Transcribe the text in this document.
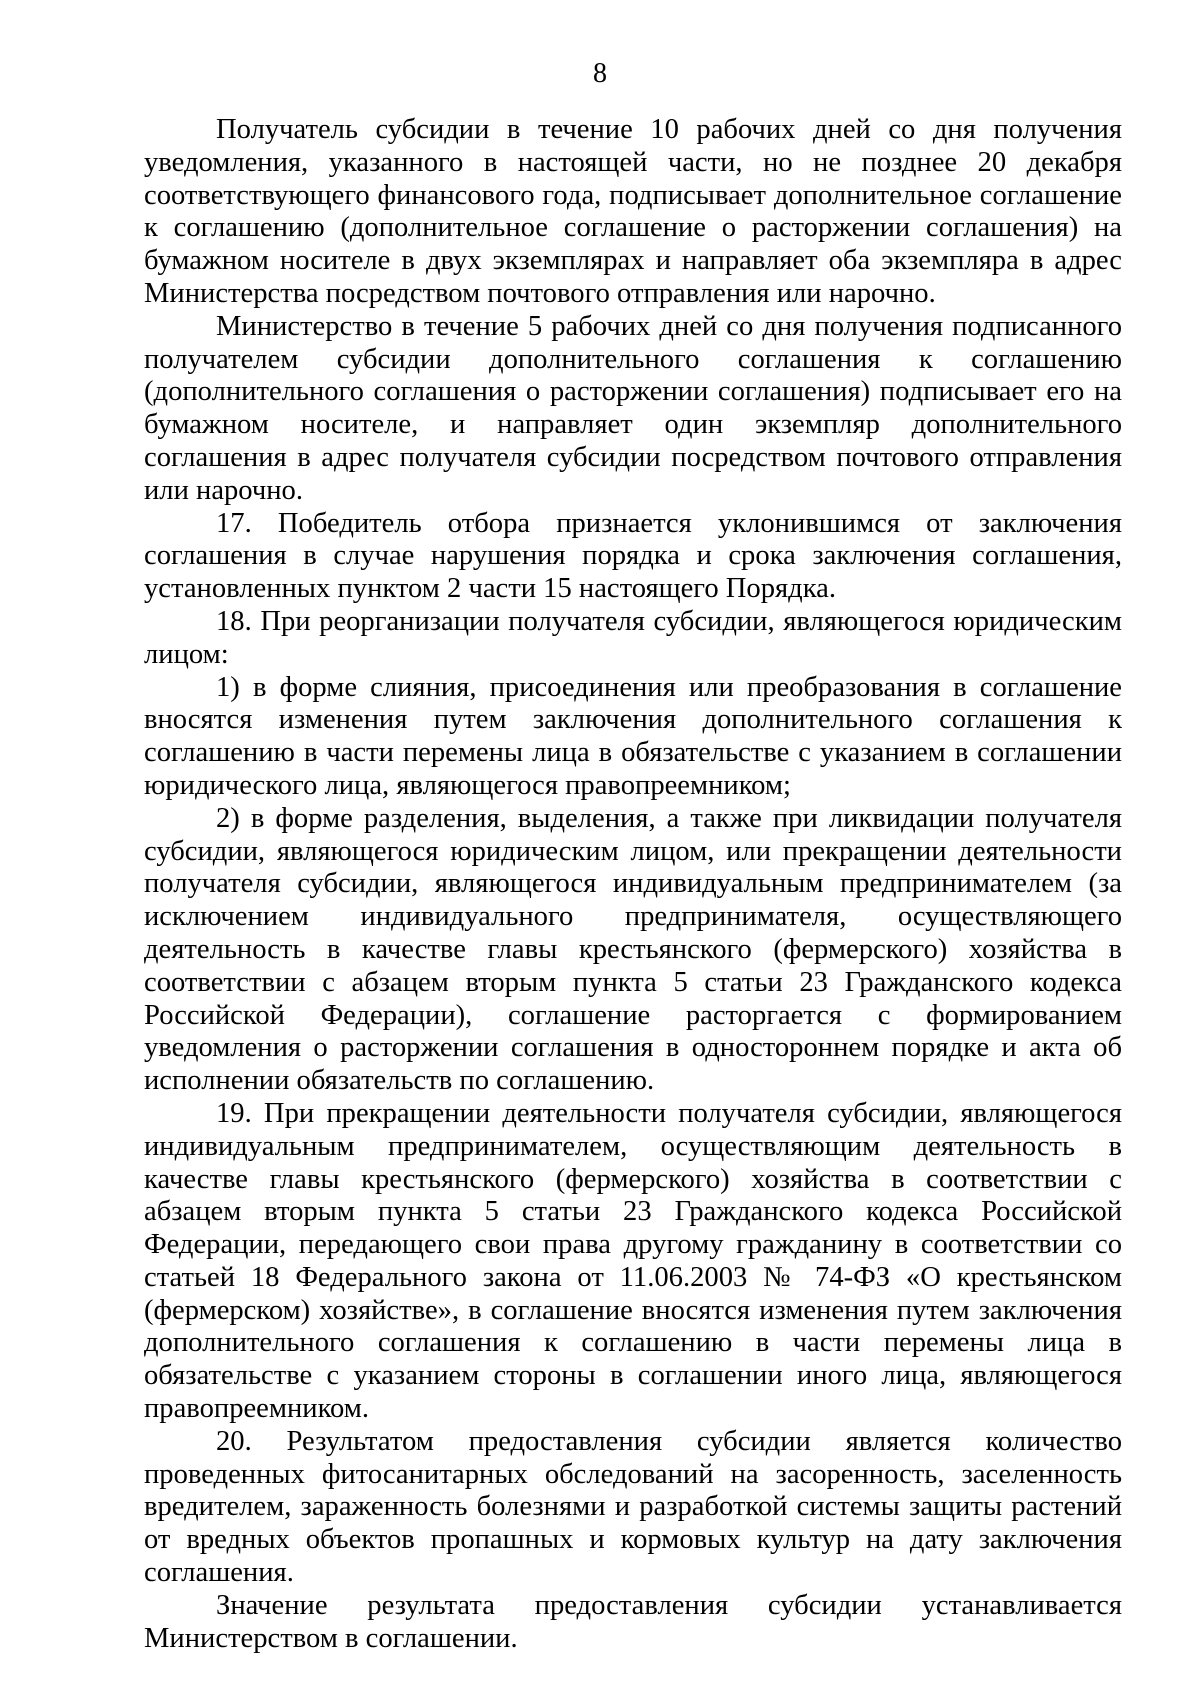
8

Получатель субсидии в течение 10 рабочих дней со дня получения уведомления, указанного в настоящей части, но не позднее 20 декабря соответствующего финансового года, подписывает дополнительное соглашение к соглашению (дополнительное соглашение о расторжении соглашения) на бумажном носителе в двух экземплярах и направляет оба экземпляра в адрес Министерства посредством почтового отправления или нарочно.

Министерство в течение 5 рабочих дней со дня получения подписанного получателем субсидии дополнительного соглашения к соглашению (дополнительного соглашения о расторжении соглашения) подписывает его на бумажном носителе, и направляет один экземпляр дополнительного соглашения в адрес получателя субсидии посредством почтового отправления или нарочно.

17. Победитель отбора признается уклонившимся от заключения соглашения в случае нарушения порядка и срока заключения соглашения, установленных пунктом 2 части 15 настоящего Порядка.

18. При реорганизации получателя субсидии, являющегося юридическим лицом:

1) в форме слияния, присоединения или преобразования в соглашение вносятся изменения путем заключения дополнительного соглашения к соглашению в части перемены лица в обязательстве с указанием в соглашении юридического лица, являющегося правопреемником;

2) в форме разделения, выделения, а также при ликвидации получателя субсидии, являющегося юридическим лицом, или прекращении деятельности получателя субсидии, являющегося индивидуальным предпринимателем (за исключением индивидуального предпринимателя, осуществляющего деятельность в качестве главы крестьянского (фермерского) хозяйства в соответствии с абзацем вторым пункта 5 статьи 23 Гражданского кодекса Российской Федерации), соглашение расторгается с формированием уведомления о расторжении соглашения в одностороннем порядке и акта об исполнении обязательств по соглашению.

19. При прекращении деятельности получателя субсидии, являющегося индивидуальным предпринимателем, осуществляющим деятельность в качестве главы крестьянского (фермерского) хозяйства в соответствии с абзацем вторым пункта 5 статьи 23 Гражданского кодекса Российской Федерации, передающего свои права другому гражданину в соответствии со статьей 18 Федерального закона от 11.06.2003 № 74-ФЗ «О крестьянском (фермерском) хозяйстве», в соглашение вносятся изменения путем заключения дополнительного соглашения к соглашению в части перемены лица в обязательстве с указанием стороны в соглашении иного лица, являющегося правопреемником.

20. Результатом предоставления субсидии является количество проведенных фитосанитарных обследований на засоренность, заселенность вредителем, зараженность болезнями и разработкой системы защиты растений от вредных объектов пропашных и кормовых культур на дату заключения соглашения.

Значение результата предоставления субсидии устанавливается Министерством в соглашении.
